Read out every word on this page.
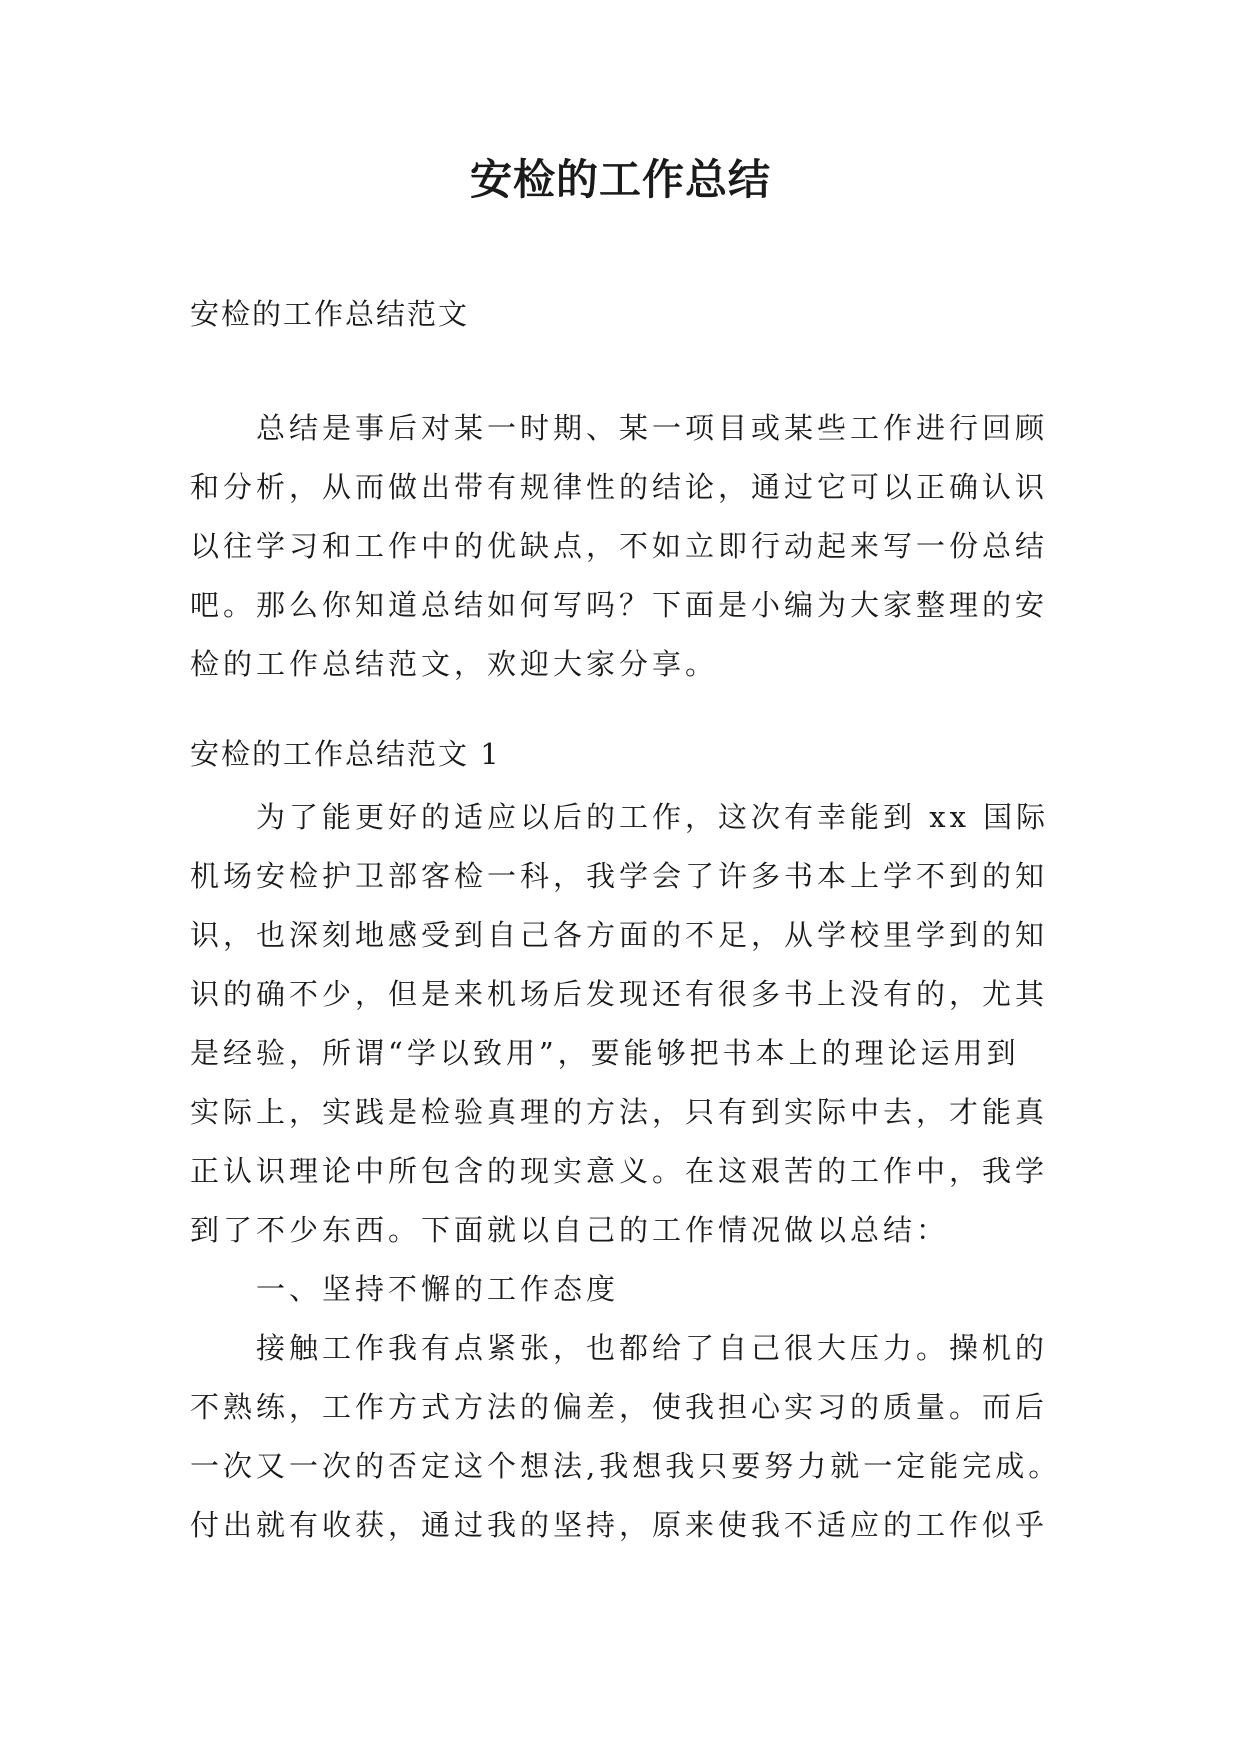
安检的工作总结
安检的工作总结范文
总结是事后对某一时期、某一项目或某些工作进行回顾
和分析，从而做出带有规律性的结论，通过它可以正确认识
以往学习和工作中的优缺点，不如立即行动起来写一份总结
吧。那么你知道总结如何写吗？下面是小编为大家整理的安
检的工作总结范文，欢迎大家分享。
安检的工作总结范文 1
为了能更好的适应以后的工作，这次有幸能到 xx 国际
机场安检护卫部客检一科，我学会了许多书本上学不到的知
识，也深刻地感受到自己各方面的不足，从学校里学到的知
识的确不少，但是来机场后发现还有很多书上没有的，尤其
是经验，所谓“学以致用”，要能够把书本上的理论运用到
实际上，实践是检验真理的方法，只有到实际中去，才能真
正认识理论中所包含的现实意义。在这艰苦的工作中，我学
到了不少东西。下面就以自己的工作情况做以总结：
一、坚持不懈的工作态度
接触工作我有点紧张，也都给了自己很大压力。操机的
不熟练，工作方式方法的偏差，使我担心实习的质量。而后
一次又一次的否定这个想法,我想我只要努力就一定能完成。
付出就有收获，通过我的坚持，原来使我不适应的工作似乎
